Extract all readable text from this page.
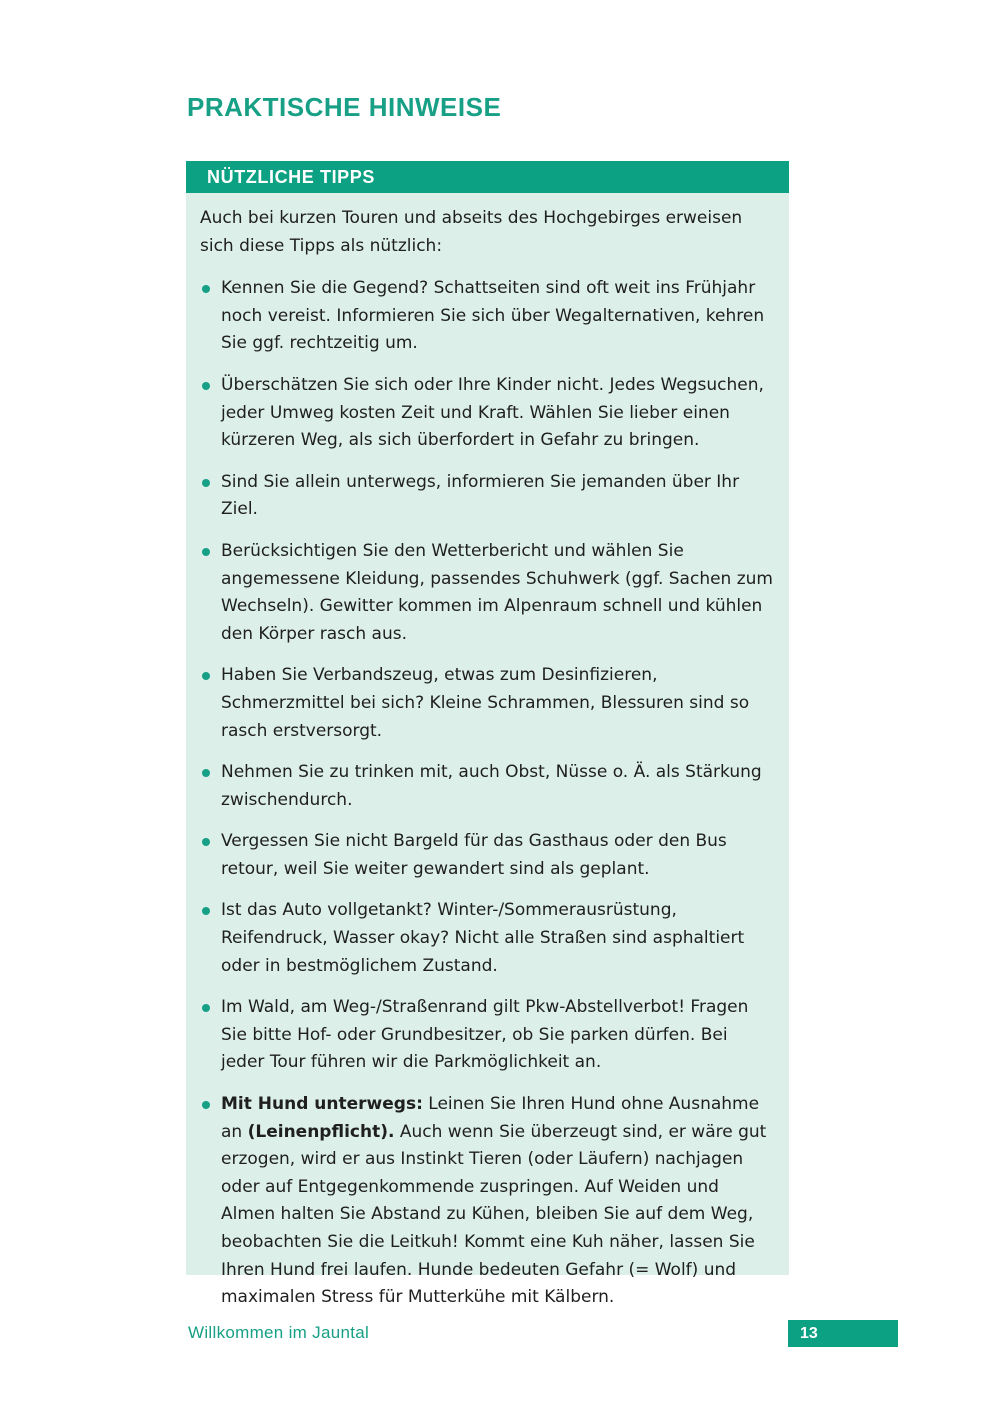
PRAKTISCHE HINWEISE
NÜTZLICHE TIPPS

Auch bei kurzen Touren und abseits des Hochgebirges erweisen sich diese Tipps als nützlich:

Kennen Sie die Gegend? Schattseiten sind oft weit ins Frühjahr noch vereist. Informieren Sie sich über Wegalternativen, kehren Sie ggf. rechtzeitig um.
Überschätzen Sie sich oder Ihre Kinder nicht. Jedes Wegsuchen, jeder Umweg kosten Zeit und Kraft. Wählen Sie lieber einen kürzeren Weg, als sich überfordert in Gefahr zu bringen.
Sind Sie allein unterwegs, informieren Sie jemanden über Ihr Ziel.
Berücksichtigen Sie den Wetterbericht und wählen Sie angemessene Kleidung, passendes Schuhwerk (ggf. Sachen zum Wechseln). Gewitter kommen im Alpenraum schnell und kühlen den Körper rasch aus.
Haben Sie Verbandszeug, etwas zum Desinfizieren, Schmerzmittel bei sich? Kleine Schrammen, Blessuren sind so rasch erstversorgt.
Nehmen Sie zu trinken mit, auch Obst, Nüsse o. Ä. als Stärkung zwischendurch.
Vergessen Sie nicht Bargeld für das Gasthaus oder den Bus retour, weil Sie weiter gewandert sind als geplant.
Ist das Auto vollgetankt? Winter-/Sommerausrüstung, Reifendruck, Wasser okay? Nicht alle Straßen sind asphaltiert oder in bestmöglichem Zustand.
Im Wald, am Weg-/Straßenrand gilt Pkw-Abstellverbot! Fragen Sie bitte Hof- oder Grundbesitzer, ob Sie parken dürfen. Bei jeder Tour führen wir die Parkmöglichkeit an.
Mit Hund unterwegs: Leinen Sie Ihren Hund ohne Ausnahme an (Leinenpflicht). Auch wenn Sie überzeugt sind, er wäre gut erzogen, wird er aus Instinkt Tieren (oder Läufern) nachjagen oder auf Entgegenkommende zuspringen. Auf Weiden und Almen halten Sie Abstand zu Kühen, bleiben Sie auf dem Weg, beobachten Sie die Leitkuh! Kommt eine Kuh näher, lassen Sie Ihren Hund frei laufen. Hunde bedeuten Gefahr (= Wolf) und maximalen Stress für Mutterkühe mit Kälbern.
Willkommen im Jauntal	13
